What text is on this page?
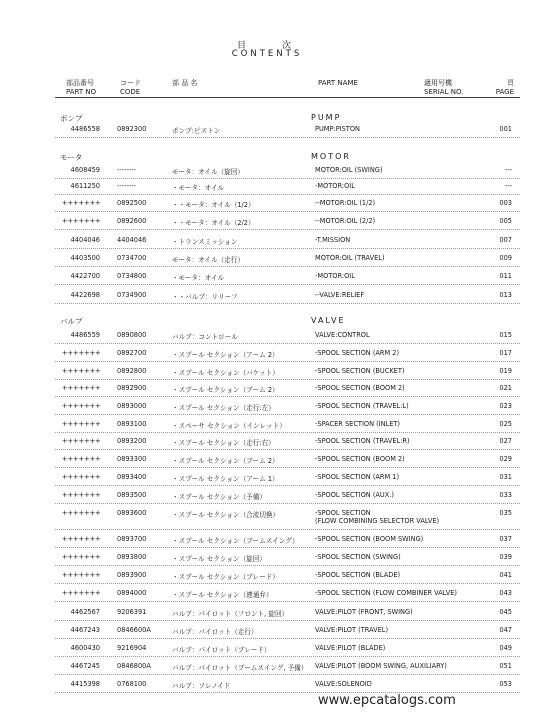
目　　次
CONTENTS
部品番号
PART NO
コード
CODE
部 品 名	PART NAME	適用号機
SERIAL NO.
頁
PAGE
ポンプ	PUMP
モータ	MOTOR
バルブ	VALVE
4486558	0892300	ポンプ:ピストン	PUMP:PISTON	001
4608459	--------	モータ：オイル（旋回）	MOTOR:OIL (SWING)	---
4611250	--------	・モータ：オイル	-MOTOR:OIL	---
+++++++ 0892500	・・モータ：オイル（1/2）	--MOTOR:OIL (1/2)	003
+++++++ 0892600	・・モータ：オイル（2/2）	--MOTOR:OIL (2/2)	005
4404046	4404046	・トランスミッション	-T.MISSION	007
4403500	0734700	モータ：オイル（走行）	MOTOR:OIL (TRAVEL)	009
4422700	0734800	・モータ：オイル	-MOTOR:OIL	011
4422698	0734900	・・バルブ：リリーフ	--VALVE:RELIEF	013
4486559	0890800	バルブ：コントロール	VALVE:CONTROL	015
+++++++ 0892700	・スプール セクション（アーム 2）	-SPOOL SECTION (ARM 2)	017
+++++++ 0892800	・スプール セクション（バケット）	-SPOOL SECTION (BUCKET)	019
+++++++ 0892900	・スプール セクション（ブーム 2）	-SPOOL SECTION (BOOM 2)	021
+++++++ 0893000	・スプール セクション（走行:左）	-SPOOL SECTION (TRAVEL:L)	023
+++++++ 0893100	・スペーサ セクション（インレット）	-SPACER SECTION (INLET)	025
+++++++ 0893200	・スプール セクション（走行:右）	-SPOOL SECTION (TRAVEL:R)	027
+++++++ 0893300	・スプール セクション（ブーム 2）	-SPOOL SECTION (BOOM 2)	029
+++++++ 0893400	・スプール セクション（アーム 1）	-SPOOL SECTION (ARM 1)	031
+++++++ 0893500	・スプール セクション（予備）	-SPOOL SECTION (AUX.)	033
+++++++ 0893600	・スプール セクション（合流切換）	-SPOOL SECTION	035
(FLOW COMBINING SELECTOR VALVE)
+++++++ 0893700	・スプール セクション（ブームスイング） -SPOOL SECTION (BOOM SWING)	037
+++++++ 0893800	・スプール セクション（旋回）	-SPOOL SECTION (SWING)	039
+++++++ 0893900	・スプール セクション（ブレード）	-SPOOL SECTION (BLADE)	041
+++++++ 0894000	・スプール セクション（連通弁）	-SPOOL SECTION (FLOW COMBINER VALVE)	043
4462567	9206391	バルブ：パイロット（フロント, 旋回）	VALVE:PILOT (FRONT, SWING)	045
4467243	0846600A	バルブ：パイロット（走行）	VALVE:PILOT (TRAVEL)	047
4600430	9216904	バルブ：パイロット（ブレード）	VALVE:PILOT (BLADE)	049
4467245	0846800A	バルブ：パイロット（ブームスイング, 予備） VALVE:PILOT (BOOM SWING, AUXILIARY)	051
4415398	0768100	バルブ：ソレノイド	VALVE:SOLENOID	053
www.epcatalogs.com
